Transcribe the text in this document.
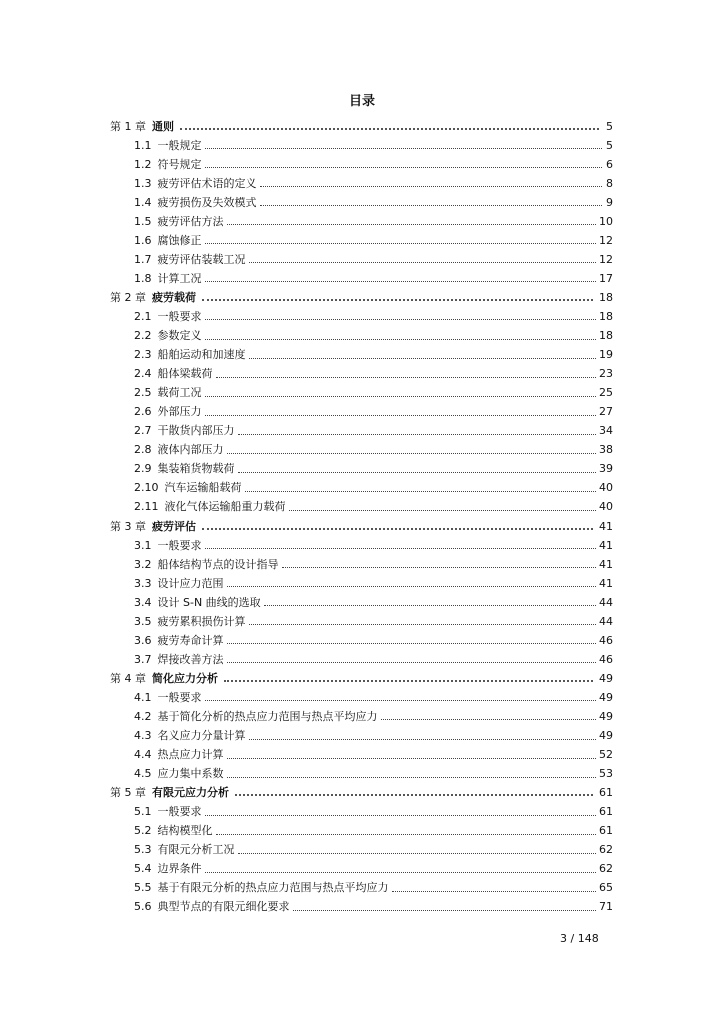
目录
第 1 章 通则	5
1.1 一般规定	5
1.2 符号规定	6
1.3 疲劳评估术语的定义	8
1.4 疲劳损伤及失效模式	9
1.5 疲劳评估方法	10
1.6 腐蚀修正	12
1.7 疲劳评估装载工况	12
1.8 计算工况	17
第 2 章 疲劳载荷	18
2.1 一般要求	18
2.2 参数定义	18
2.3 船舶运动和加速度	19
2.4 船体梁载荷	23
2.5 载荷工况	25
2.6 外部压力	27
2.7 干散货内部压力	34
2.8 液体内部压力	38
2.9 集装箱货物载荷	39
2.10 汽车运输船载荷	40
2.11 液化气体运输船重力载荷	40
第 3 章 疲劳评估	41
3.1 一般要求	41
3.2 船体结构节点的设计指导	41
3.3 设计应力范围	41
3.4 设计 S-N 曲线的选取	44
3.5 疲劳累积损伤计算	44
3.6 疲劳寿命计算	46
3.7 焊接改善方法	46
第 4 章 简化应力分析	49
4.1 一般要求	49
4.2 基于简化分析的热点应力范围与热点平均应力	49
4.3 名义应力分量计算	49
4.4 热点应力计算	52
4.5 应力集中系数	53
第 5 章 有限元应力分析	61
5.1 一般要求	61
5.2 结构模型化	61
5.3 有限元分析工况	62
5.4 边界条件	62
5.5 基于有限元分析的热点应力范围与热点平均应力	65
5.6 典型节点的有限元细化要求	71
3 / 148
